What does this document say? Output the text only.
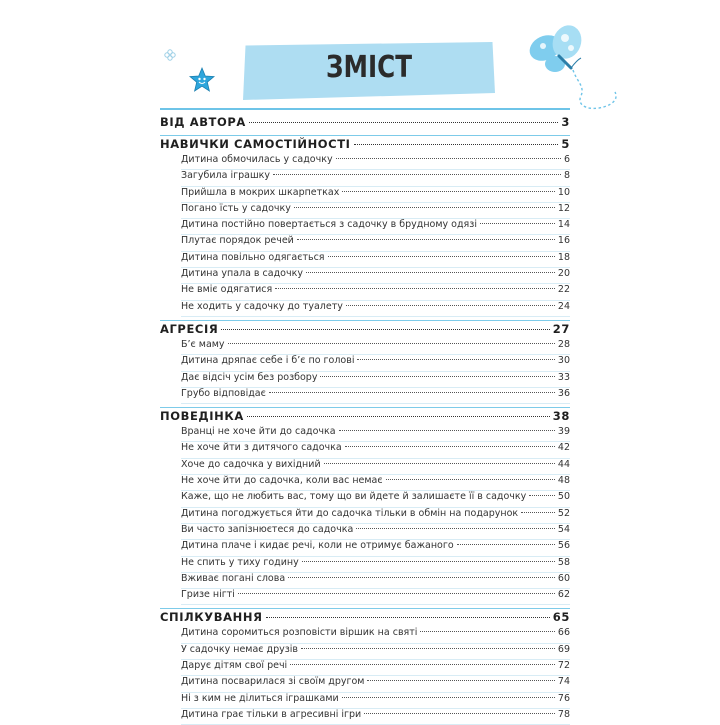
ЗМІСТ
ВІД АВТОРА	3
НАВИЧКИ САМОСТІЙНОСТІ	5
Дитина обмочилась у садочку	6
Загубила іграшку	8
Прийшла в мокрих шкарпетках	10
Погано їсть у садочку	12
Дитина постійно повертається з садочку в брудному одязі	14
Плутає порядок речей	16
Дитина повільно одягається	18
Дитина упала в садочку	20
Не вміє одягатися	22
Не ходить у садочку до туалету	24
АГРЕСІЯ	27
Б’є маму	28
Дитина дряпає себе і б’є по голові	30
Дає відсіч усім без розбору	33
Грубо відповідає	36
ПОВЕДІНКА	38
Вранці не хоче йти до садочка	39
Не хоче йти з дитячого садочка	42
Хоче до садочка у вихідний	44
Не хоче йти до садочка, коли вас немає	48
Каже, що не любить вас, тому що ви йдете й залишаєте її в садочку	50
Дитина погоджується йти до садочка тільки в обмін на подарунок	52
Ви часто запізнюєтеся до садочка	54
Дитина плаче і кидає речі, коли не отримує бажаного	56
Не спить у тиху годину	58
Вживає погані слова	60
Гризе нігті	62
СПІЛКУВАННЯ	65
Дитина соромиться розповісти віршик на святі	66
У садочку немає друзів	69
Дарує дітям свої речі	72
Дитина посварилася зі своїм другом	74
Ні з ким не ділиться іграшками	76
Дитина грає тільки в агресивні ігри	78
